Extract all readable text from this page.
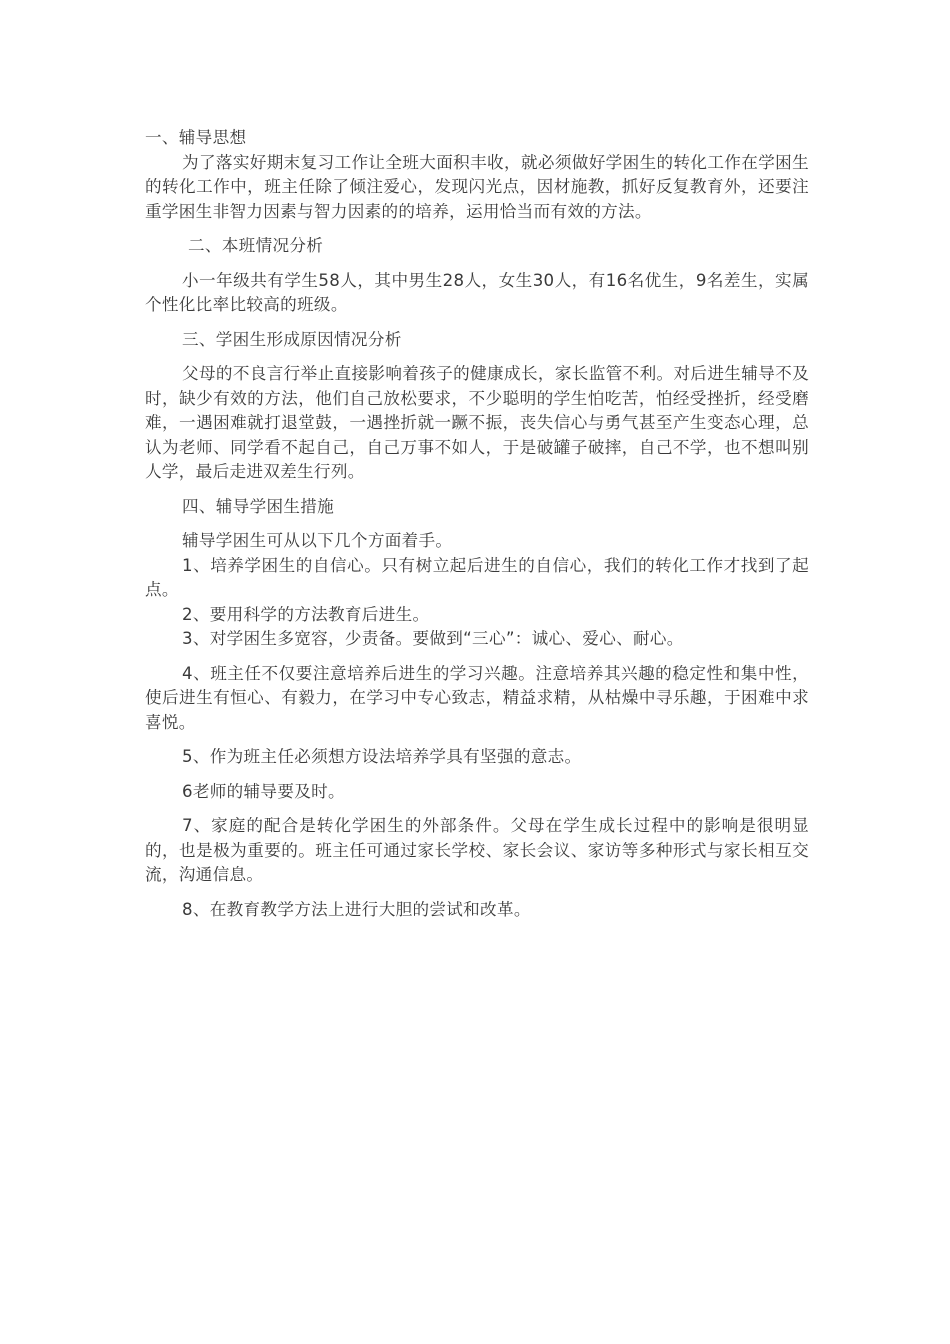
一、辅导思想

为了落实好期末复习工作让全班大面积丰收，就必须做好学困生的转化工作在学困生的转化工作中，班主任除了倾注爱心，发现闪光点，因材施教，抓好反复教育外，还要注重学困生非智力因素与智力因素的的培养，运用恰当而有效的方法。

二、本班情况分析

小一年级共有学生58人，其中男生28人，女生30人，有16名优生，9名差生，实属个性化比率比较高的班级。

三、学困生形成原因情况分析

父母的不良言行举止直接影响着孩子的健康成长，家长监管不利。对后进生辅导不及时，缺少有效的方法，他们自己放松要求，不少聪明的学生怕吃苦，怕经受挫折，经受磨难，一遇困难就打退堂鼓，一遇挫折就一蹶不振，丧失信心与勇气甚至产生变态心理，总认为老师、同学看不起自己，自己万事不如人，于是破罐子破摔，自己不学，也不想叫别人学，最后走进双差生行列。

四、辅导学困生措施

辅导学困生可从以下几个方面着手。

1、培养学困生的自信心。只有树立起后进生的自信心，我们的转化工作才找到了起点。

2、要用科学的方法教育后进生。

3、对学困生多宽容，少责备。要做到“三心”：诚心、爱心、耐心。

4、班主任不仅要注意培养后进生的学习兴趣。注意培养其兴趣的稳定性和集中性，使后进生有恒心、有毅力，在学习中专心致志，精益求精，从枯燥中寻乐趣，于困难中求喜悦。

5、作为班主任必须想方设法培养学具有坚强的意志。

6老师的辅导要及时。

7、家庭的配合是转化学困生的外部条件。父母在学生成长过程中的影响是很明显的，也是极为重要的。班主任可通过家长学校、家长会议、家访等多种形式与家长相互交流，沟通信息。

8、在教育教学方法上进行大胆的尝试和改革。
